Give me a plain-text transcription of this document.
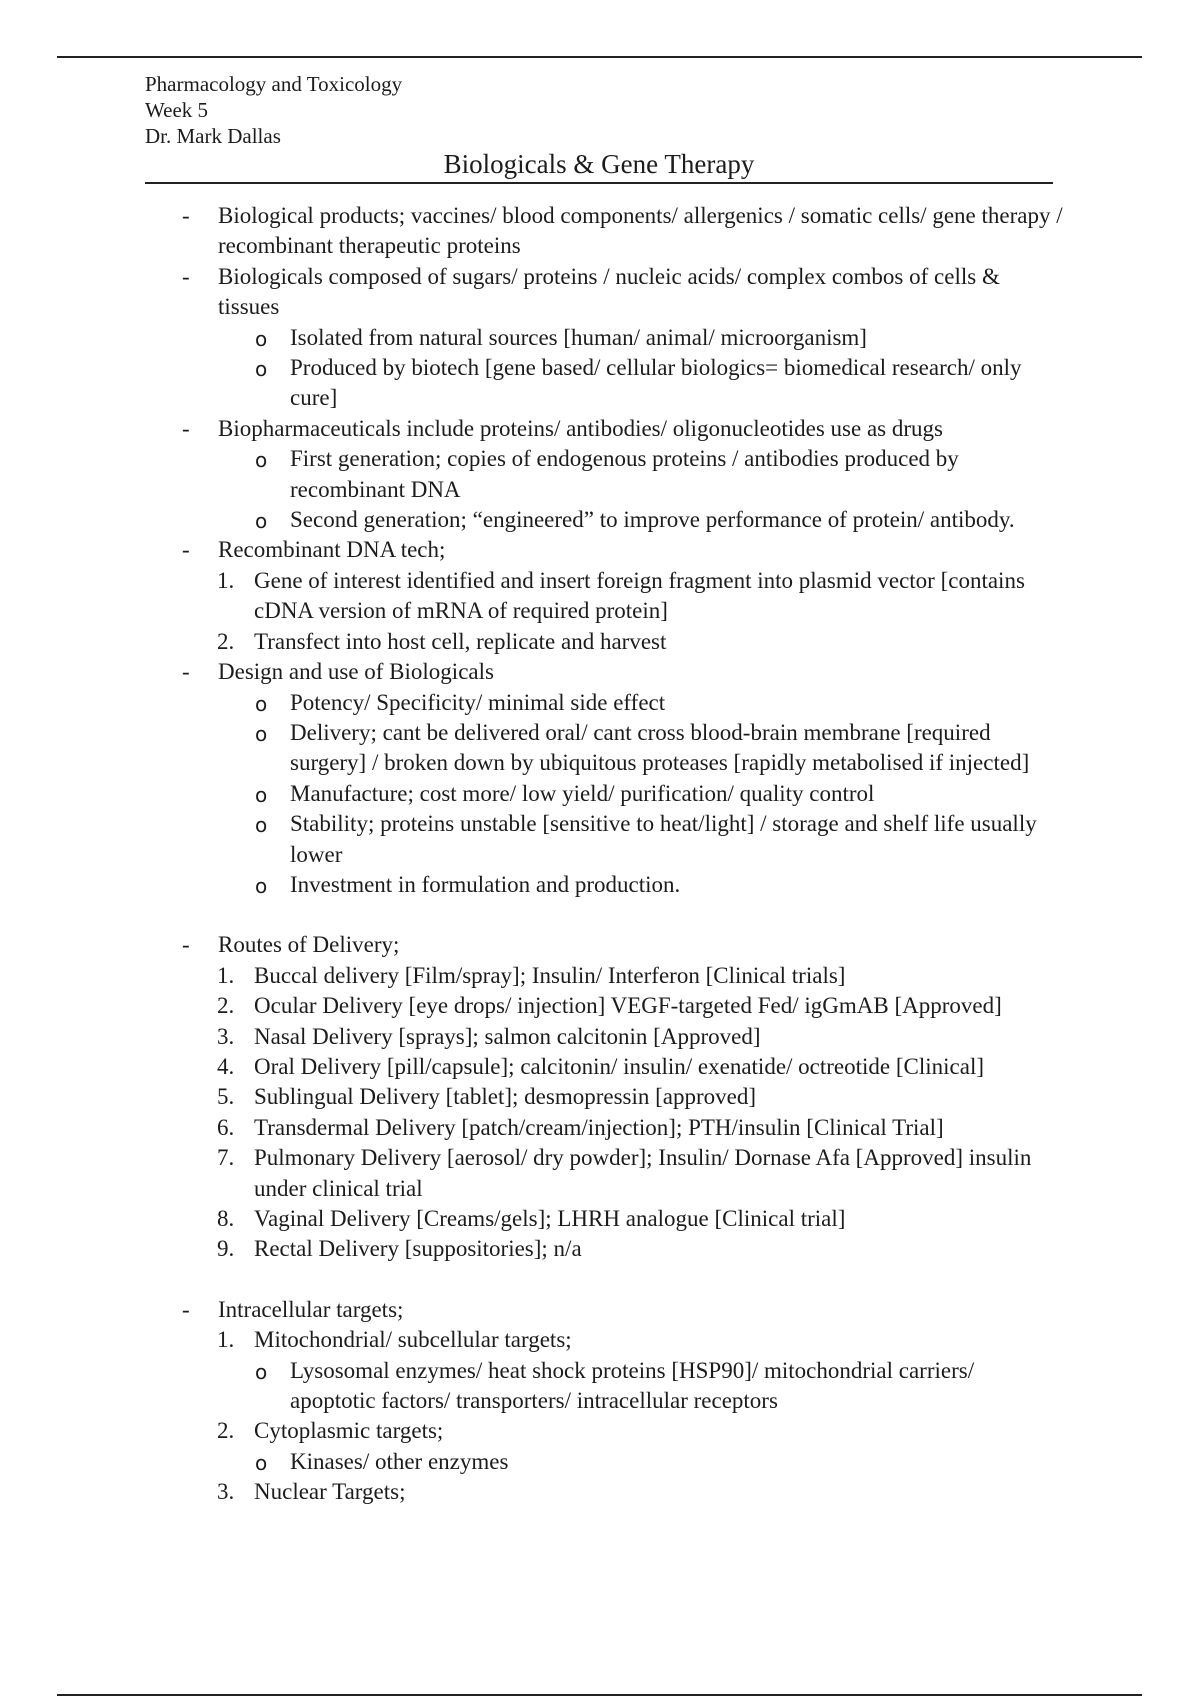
Pharmacology and Toxicology
Week 5
Dr. Mark Dallas
Biologicals & Gene Therapy
- Biological products; vaccines/ blood components/ allergenics / somatic cells/ gene therapy / recombinant therapeutic proteins
- Biologicals composed of sugars/ proteins / nucleic acids/ complex combos of cells & tissues
o Isolated from natural sources [human/ animal/ microorganism]
o Produced by biotech [gene based/ cellular biologics= biomedical research/ only cure]
- Biopharmaceuticals include proteins/ antibodies/ oligonucleotides use as drugs
o First generation; copies of endogenous proteins / antibodies produced by recombinant DNA
o Second generation; “engineered” to improve performance of protein/ antibody.
- Recombinant DNA tech;
1. Gene of interest identified and insert foreign fragment into plasmid vector [contains cDNA version of mRNA of required protein]
2. Transfect into host cell, replicate and harvest
- Design and use of Biologicals
o Potency/ Specificity/ minimal side effect
o Delivery; cant be delivered oral/ cant cross blood-brain membrane [required surgery] / broken down by ubiquitous proteases [rapidly metabolised if injected]
o Manufacture; cost more/ low yield/ purification/ quality control
o Stability; proteins unstable [sensitive to heat/light] / storage and shelf life usually lower
o Investment in formulation and production.
- Routes of Delivery;
1. Buccal delivery [Film/spray]; Insulin/ Interferon [Clinical trials]
2. Ocular Delivery [eye drops/ injection] VEGF-targeted Fed/ igGmAB [Approved]
3. Nasal Delivery [sprays]; salmon calcitonin [Approved]
4. Oral Delivery [pill/capsule]; calcitonin/ insulin/ exenatide/ octreotide [Clinical]
5. Sublingual Delivery [tablet]; desmopressin [approved]
6. Transdermal Delivery [patch/cream/injection]; PTH/insulin [Clinical Trial]
7. Pulmonary Delivery [aerosol/ dry powder]; Insulin/ Dornase Afa [Approved] insulin under clinical trial
8. Vaginal Delivery [Creams/gels]; LHRH analogue [Clinical trial]
9. Rectal Delivery [suppositories]; n/a
- Intracellular targets;
1. Mitochondrial/ subcellular targets;
o Lysosomal enzymes/ heat shock proteins [HSP90]/ mitochondrial carriers/ apoptotic factors/ transporters/ intracellular receptors
2. Cytoplasmic targets;
o Kinases/ other enzymes
3. Nuclear Targets;
